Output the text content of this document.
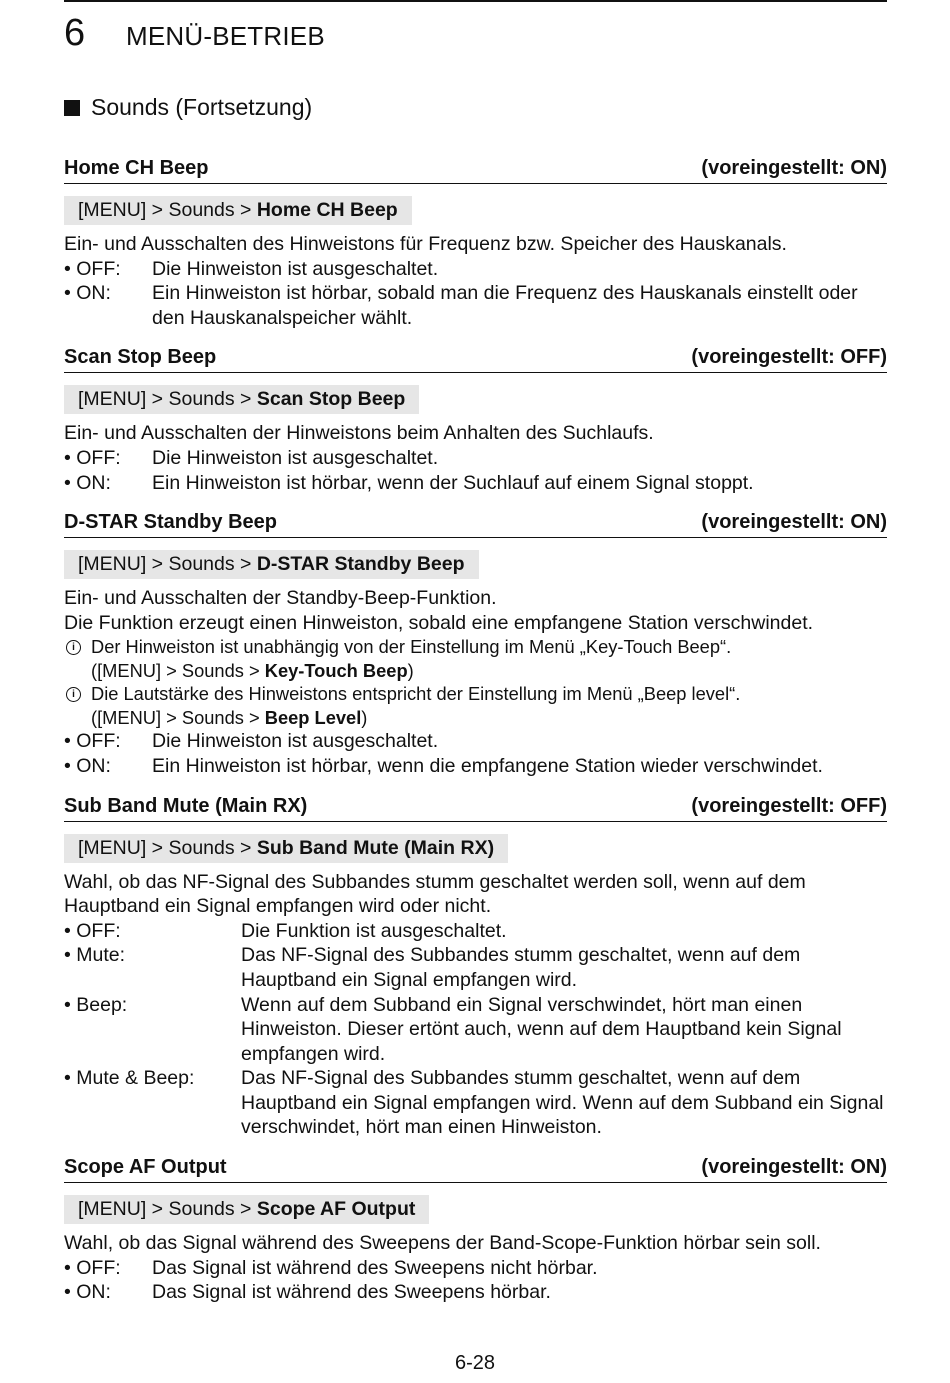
6	MENÜ-BETRIEB
Sounds (Fortsetzung)
Home CH Beep	(voreingestellt: ON)
[MENU] > Sounds > Home CH Beep

Ein- und Ausschalten des Hinweistons für Frequenz bzw. Speicher des Hauskanals.

• OFF:	Die Hinweiston ist ausgeschaltet.
• ON:	Ein Hinweiston ist hörbar, sobald man die Frequenz des Hauskanals einstellt oder den Hauskanalspeicher wählt.
Scan Stop Beep	(voreingestellt: OFF)
[MENU] > Sounds > Scan Stop Beep

Ein- und Ausschalten der Hinweistons beim Anhalten des Suchlaufs.

• OFF:	Die Hinweiston ist ausgeschaltet.
• ON:	Ein Hinweiston ist hörbar, wenn der Suchlauf auf einem Signal stoppt.
D-STAR Standby Beep	(voreingestellt: ON)
[MENU] > Sounds > D-STAR Standby Beep

Ein- und Ausschalten der Standby-Beep-Funktion.

Die Funktion erzeugt einen Hinweiston, sobald eine empfangene Station verschwindet.

i Der Hinweiston ist unabhängig von der Einstellung im Menü „Key-Touch Beep“.
([MENU] > Sounds > Key-Touch Beep)
i Die Lautstärke des Hinweistons entspricht der Einstellung im Menü „Beep level“.
([MENU] > Sounds > Beep Level)
• OFF:	Die Hinweiston ist ausgeschaltet.
• ON:	Ein Hinweiston ist hörbar, wenn die empfangene Station wieder verschwindet.
Sub Band Mute (Main RX)	(voreingestellt: OFF)
[MENU] > Sounds > Sub Band Mute (Main RX)

Wahl, ob das NF-Signal des Subbandes stumm geschaltet werden soll, wenn auf dem Hauptband ein Signal empfangen wird oder nicht.

• OFF:	Die Funktion ist ausgeschaltet.
• Mute:	Das NF-Signal des Subbandes stumm geschaltet, wenn auf dem Hauptband ein Signal empfangen wird.
• Beep:	Wenn auf dem Subband ein Signal verschwindet, hört man einen Hinweiston. Dieser ertönt auch, wenn auf dem Hauptband kein Signal empfangen wird.
• Mute & Beep:	Das NF-Signal des Subbandes stumm geschaltet, wenn auf dem Hauptband ein Signal empfangen wird. Wenn auf dem Subband ein Signal verschwindet, hört man einen Hinweiston.
Scope AF Output	(voreingestellt: ON)
[MENU] > Sounds > Scope AF Output

Wahl, ob das Signal während des Sweepens der Band-Scope-Funktion hörbar sein soll.

• OFF:	Das Signal ist während des Sweepens nicht hörbar.
• ON:	Das Signal ist während des Sweepens hörbar.
6-28
